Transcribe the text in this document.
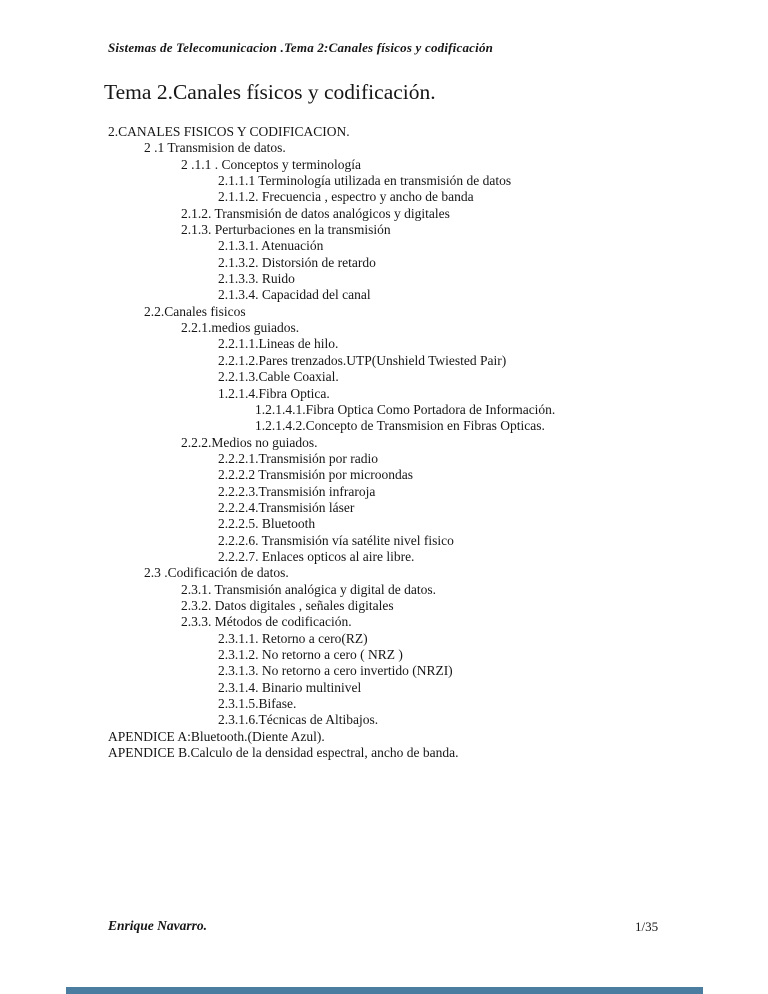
Sistemas de Telecomunicacion .Tema 2:Canales físicos y codificación
Tema 2.Canales físicos y codificación.
2.CANALES FISICOS Y CODIFICACION.
2 .1 Transmision de datos.
2 .1.1 . Conceptos y terminología
2.1.1.1 Terminología utilizada en transmisión de datos
2.1.1.2. Frecuencia , espectro y ancho de banda
2.1.2. Transmisión de datos analógicos y digitales
2.1.3. Perturbaciones en la transmisión
2.1.3.1. Atenuación
2.1.3.2. Distorsión de retardo
2.1.3.3. Ruido
2.1.3.4. Capacidad del canal
2.2.Canales fisicos
2.2.1.medios guiados.
2.2.1.1.Lineas de hilo.
2.2.1.2.Pares trenzados.UTP(Unshield Twiested Pair)
2.2.1.3.Cable Coaxial.
1.2.1.4.Fibra Optica.
1.2.1.4.1.Fibra Optica Como Portadora de Información.
1.2.1.4.2.Concepto de Transmision en Fibras Opticas.
2.2.2.Medios no guiados.
2.2.2.1.Transmisión por radio
2.2.2.2 Transmisión por microondas
2.2.2.3.Transmisión infraroja
2.2.2.4.Transmisión láser
2.2.2.5. Bluetooth
2.2.2.6. Transmisión vía satélite nivel fisico
2.2.2.7. Enlaces opticos al aire libre.
2.3 .Codificación de datos.
2.3.1. Transmisión analógica y digital de datos.
2.3.2. Datos digitales , señales digitales
2.3.3. Métodos de codificación.
2.3.1.1. Retorno a cero(RZ)
2.3.1.2. No retorno a cero ( NRZ )
2.3.1.3. No retorno a cero invertido (NRZI)
2.3.1.4. Binario multinivel
2.3.1.5.Bifase.
2.3.1.6.Técnicas de Altibajos.
APENDICE A:Bluetooth.(Diente Azul).
APENDICE B.Calculo de la densidad espectral, ancho de banda.
Enrique Navarro.	1/35
